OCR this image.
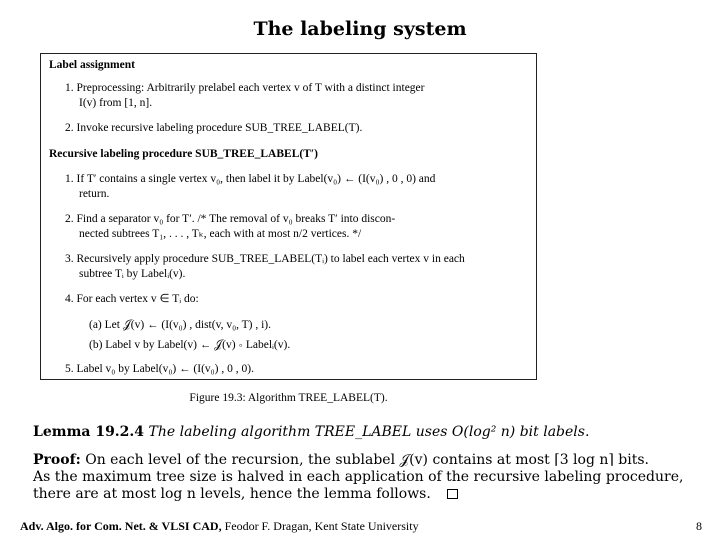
The labeling system
Label assignment
1. Preprocessing: Arbitrarily prelabel each vertex v of T with a distinct integer
I(v) from [1, n].
2. Invoke recursive labeling procedure SUB_TREE_LABEL(T).
Recursive labeling procedure SUB_TREE_LABEL(T′)
1. If T′ contains a single vertex v₀, then label it by Label(v₀) ← (I(v₀) , 0 , 0) and
return.
2. Find a separator v₀ for T′. /* The removal of v₀ breaks T′ into discon-
nected subtrees T₁, . . . , Tₖ, each with at most n/2 vertices. */
3. Recursively apply procedure SUB_TREE_LABEL(Tᵢ) to label each vertex v in each
subtree Tᵢ by Labelᵢ(v).
4. For each vertex v ∈ Tᵢ do:
(a) Let 𝒥(v) ← (I(v₀) , dist(v, v₀, T) , i).
(b) Label v by Label(v) ← 𝒥(v) ∘ Labelᵢ(v).
5. Label v₀ by Label(v₀) ← (I(v₀) , 0 , 0).
Figure 19.3: Algorithm TREE_LABEL(T).
Lemma 19.2.4 The labeling algorithm TREE_LABEL uses O(log² n) bit labels.
Proof: On each level of the recursion, the sublabel 𝒥(v) contains at most ⌈3 log n⌉ bits.
As the maximum tree size is halved in each application of the recursive labeling procedure,
there are at most log n levels, hence the lemma follows.
Adv. Algo. for Com. Net. & VLSI CAD, Feodor F. Dragan, Kent State University	8
